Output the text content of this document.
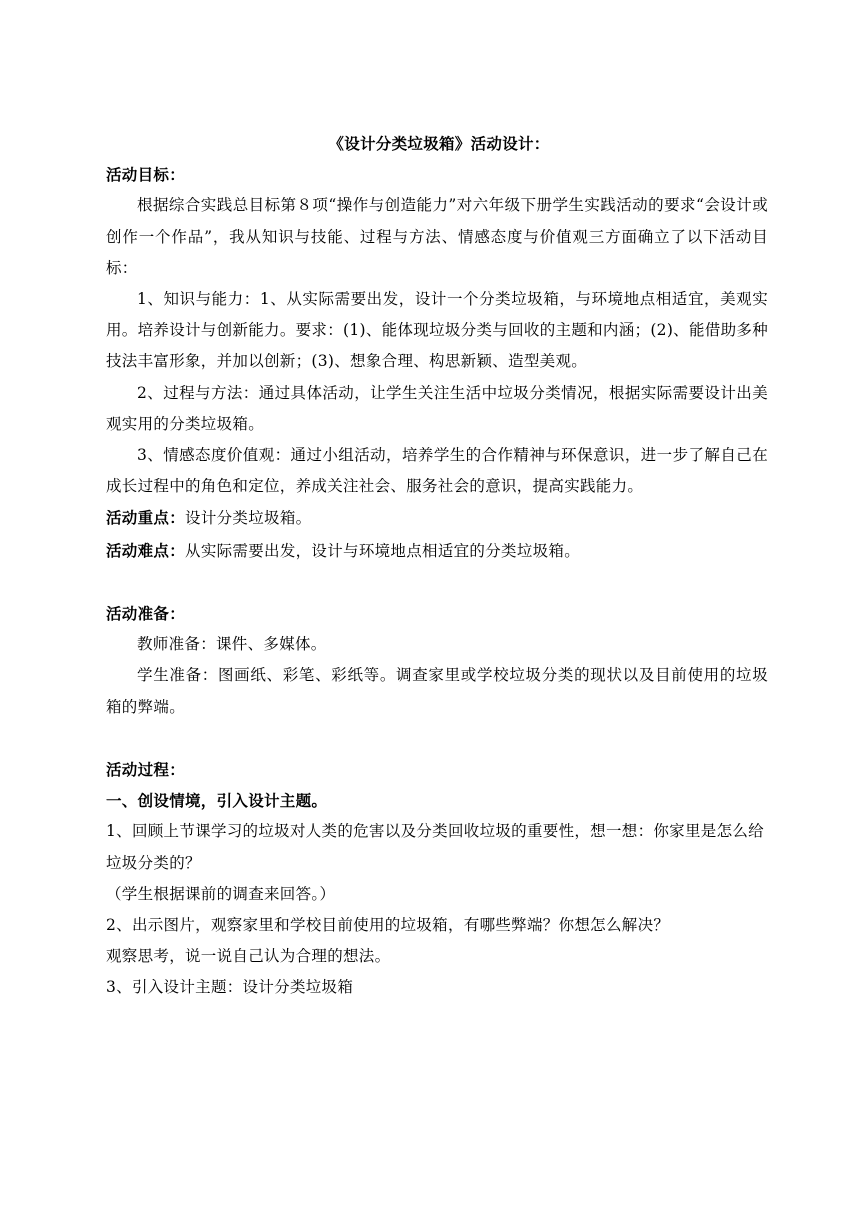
《设计分类垃圾箱》活动设计：

活动目标：

根据综合实践总目标第８项“操作与创造能力”对六年级下册学生实践活动的要求“会设计或创作一个作品”，我从知识与技能、过程与方法、情感态度与价值观三方面确立了以下活动目标：

1、知识与能力：1、从实际需要出发，设计一个分类垃圾箱，与环境地点相适宜，美观实用。培养设计与创新能力。要求：(1)、能体现垃圾分类与回收的主题和内涵；(2)、能借助多种技法丰富形象，并加以创新；(3)、想象合理、构思新颖、造型美观。

2、过程与方法：通过具体活动，让学生关注生活中垃圾分类情况，根据实际需要设计出美观实用的分类垃圾箱。

3、情感态度价值观：通过小组活动，培养学生的合作精神与环保意识，进一步了解自己在成长过程中的角色和定位，养成关注社会、服务社会的意识，提高实践能力。

活动重点：设计分类垃圾箱。

活动难点：从实际需要出发，设计与环境地点相适宜的分类垃圾箱。

活动准备：

教师准备：课件、多媒体。

学生准备：图画纸、彩笔、彩纸等。调查家里或学校垃圾分类的现状以及目前使用的垃圾箱的弊端。

活动过程：

一、创设情境，引入设计主题。

1、回顾上节课学习的垃圾对人类的危害以及分类回收垃圾的重要性，想一想：你家里是怎么给垃圾分类的？

（学生根据课前的调查来回答。）

2、出示图片，观察家里和学校目前使用的垃圾箱，有哪些弊端？你想怎么解决？

观察思考，说一说自己认为合理的想法。

3、引入设计主题：设计分类垃圾箱
